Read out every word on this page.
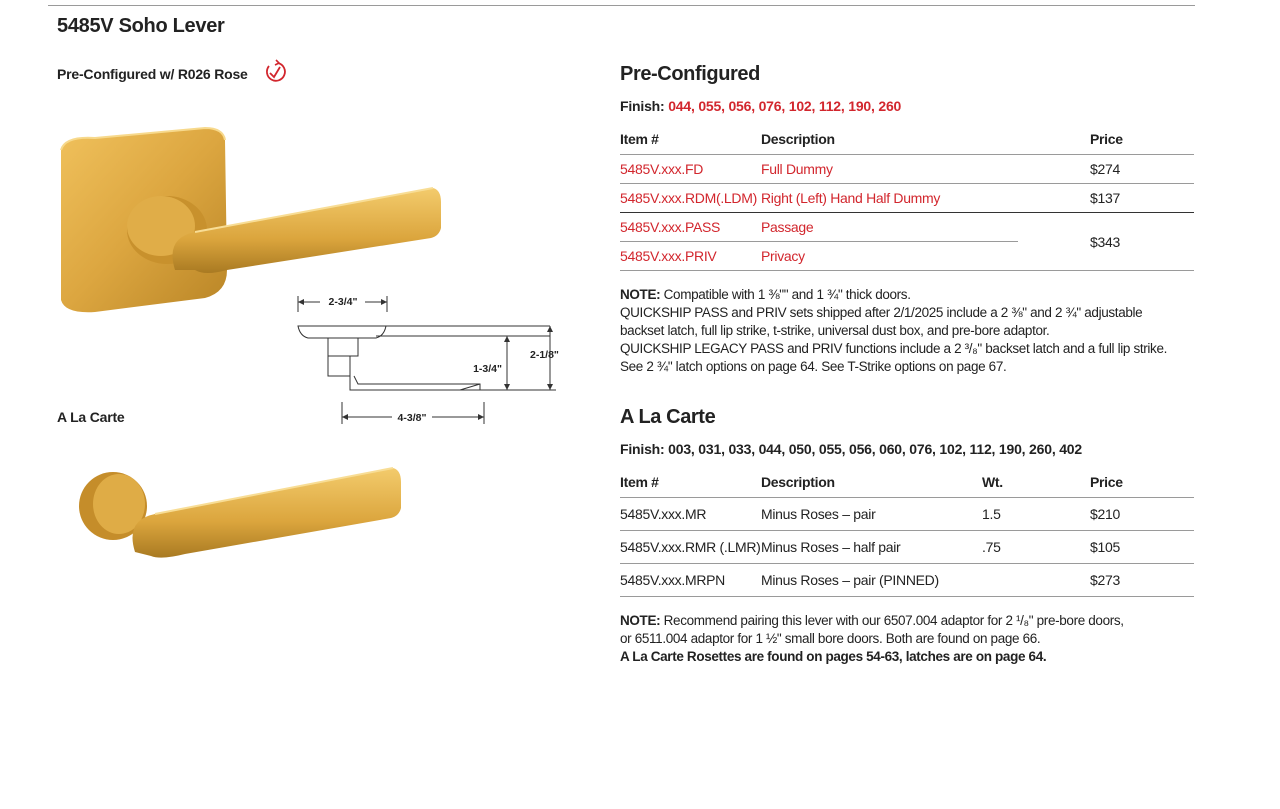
5485V Soho Lever
Pre-Configured w/ R026 Rose
2-3/4"
1-3/4"
2-1/8"
4-3/8"
A La Carte
Pre-Configured
Finish: 044, 055, 056, 076, 102, 112, 190, 260
Item #	Description		Price
5485V.xxx.FD	Full Dummy		$274
5485V.xxx.RDM(.LDM)	Right (Left) Hand Half Dummy		$137
5485V.xxx.PASS	Passage		$343
5485V.xxx.PRIV	Privacy		
NOTE: Compatible with 1 ⅜"" and 1 ¾" thick doors.
QUICKSHIP PASS and PRIV sets shipped after 2/1/2025 include a 2 ⅜" and 2 ¾" adjustable
backset latch, full lip strike, t-strike, universal dust box, and pre-bore adaptor.
QUICKSHIP LEGACY PASS and PRIV functions include a 2 ³/₈" backset latch and a full lip strike.
See 2 ¾" latch options on page 64. See T-Strike options on page 67.
A La Carte
Finish: 003, 031, 033, 044, 050, 055, 056, 060, 076, 102, 112, 190, 260, 402
Item #	Description	Wt.	Price
5485V.xxx.MR	Minus Roses – pair	1.5	$210
5485V.xxx.RMR (.LMR)	Minus Roses – half pair	.75	$105
5485V.xxx.MRPN	Minus Roses – pair (PINNED)		$273
NOTE: Recommend pairing this lever with our 6507.004 adaptor for 2 ¹/₈" pre-bore doors,
or 6511.004 adaptor for 1 ½" small bore doors. Both are found on page 66.
A La Carte Rosettes are found on pages 54-63, latches are on page 64.
